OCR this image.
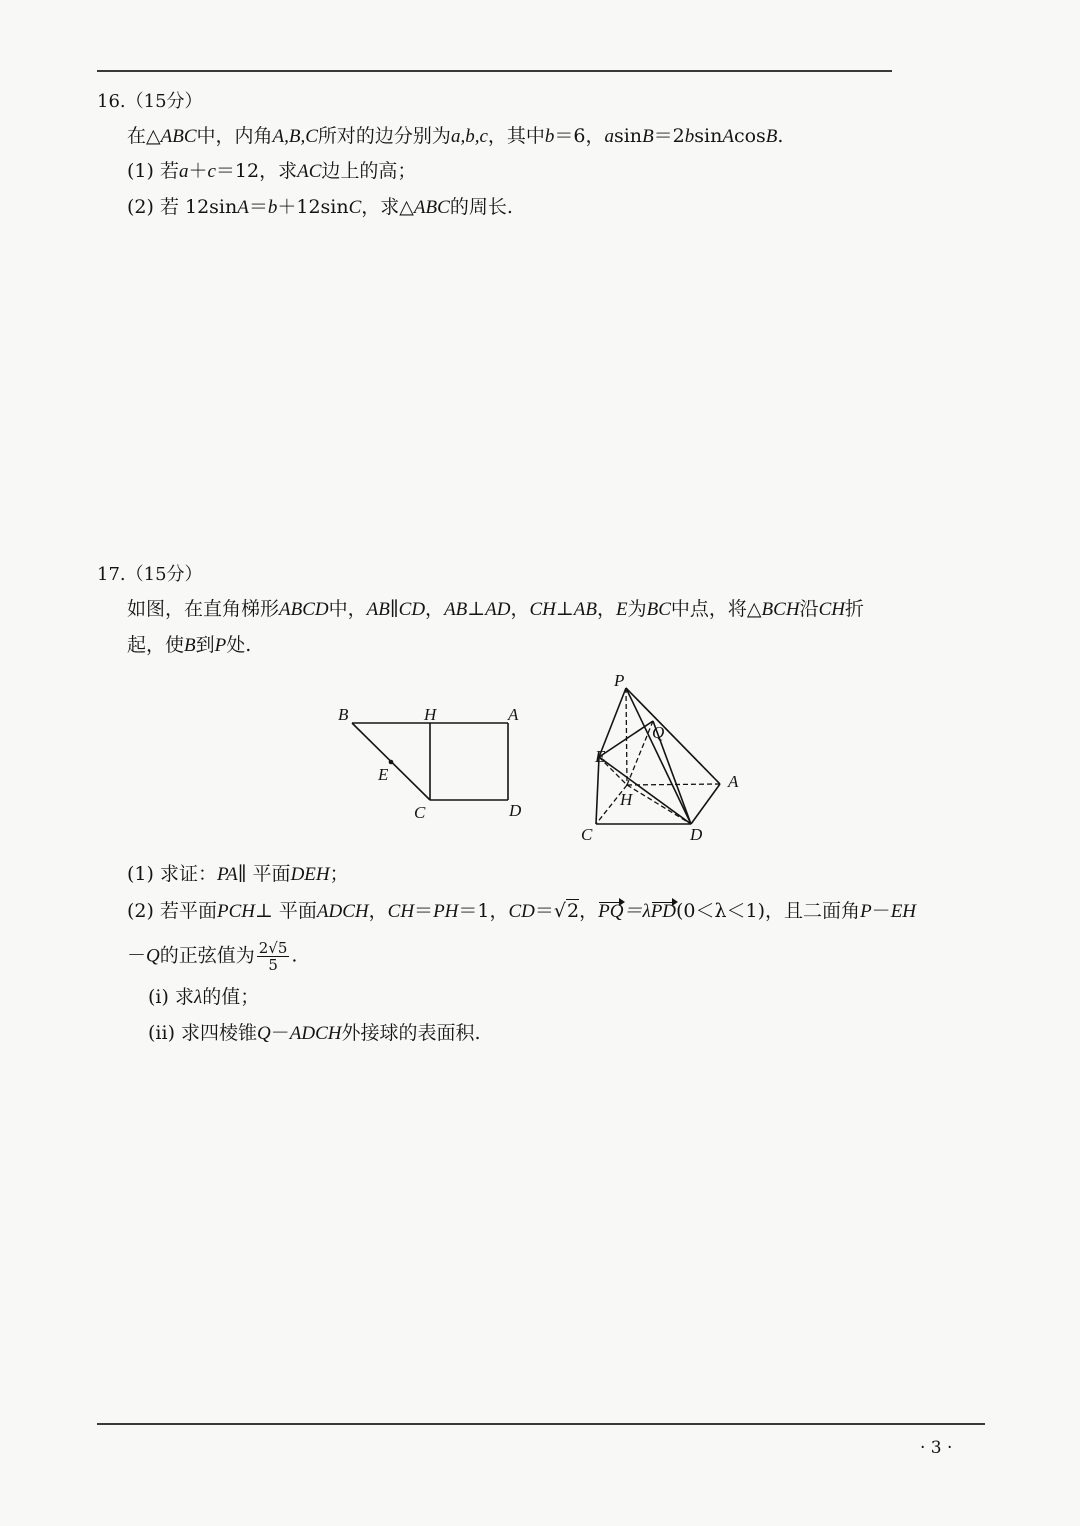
16.（15分）
在△ABC中，内角A,B,C所对的边分别为a,b,c，其中b＝6，asinB＝2bsinAcosB.
(1) 若a＋c＝12，求AC边上的高；
(2) 若 12sinA＝b＋12sinC，求△ABC的周长.
17.（15分）
如图，在直角梯形ABCD中，AB∥CD，AB⊥AD，CH⊥AB，E为BC中点，将△BCH沿CH折
起，使B到P处.
B	H	A
E
C	D
P
Q
E
A
H
C	D
(1) 求证：PA∥ 平面DEH；
(2) 若平面PCH⊥ 平面ADCH，CH＝PH＝1，CD＝√2，PQ＝λPD(0＜λ＜1)，且二面角P－EH
－Q的正弦值为 $\frac{2√5}{5}$ .
(i) 求λ的值；
(ii) 求四棱锥Q－ADCH外接球的表面积.
· 3 ·
